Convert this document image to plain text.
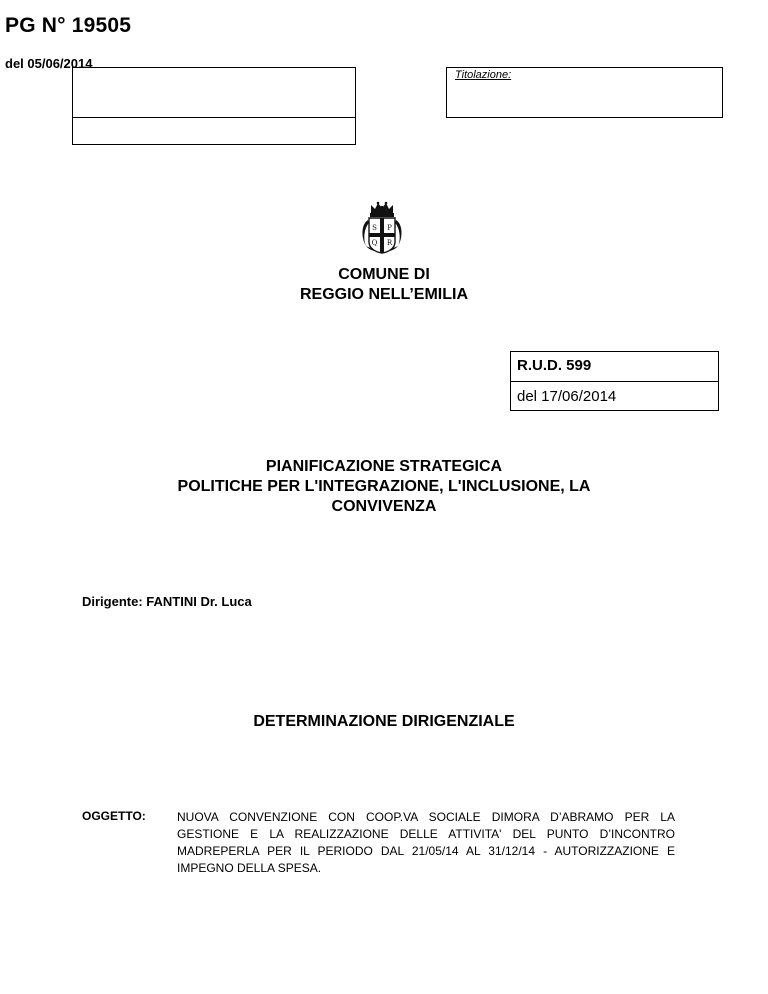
PG N° 19505
del 05/06/2014
Titolazione:
S P
Q R
COMUNE DI
REGGIO NELL’EMILIA
R.U.D. 599
del 17/06/2014
PIANIFICAZIONE STRATEGICA
POLITICHE PER L'INTEGRAZIONE, L'INCLUSIONE, LA
CONVIVENZA
Dirigente: FANTINI Dr. Luca
DETERMINAZIONE DIRIGENZIALE
OGGETTO:	NUOVA CONVENZIONE CON COOP.VA SOCIALE DIMORA D’ABRAMO PER LA GESTIONE E LA REALIZZAZIONE DELLE ATTIVITA' DEL PUNTO D’INCONTRO MADREPERLA PER IL PERIODO DAL 21/05/14 AL 31/12/14 - AUTORIZZAZIONE E IMPEGNO DELLA SPESA.
